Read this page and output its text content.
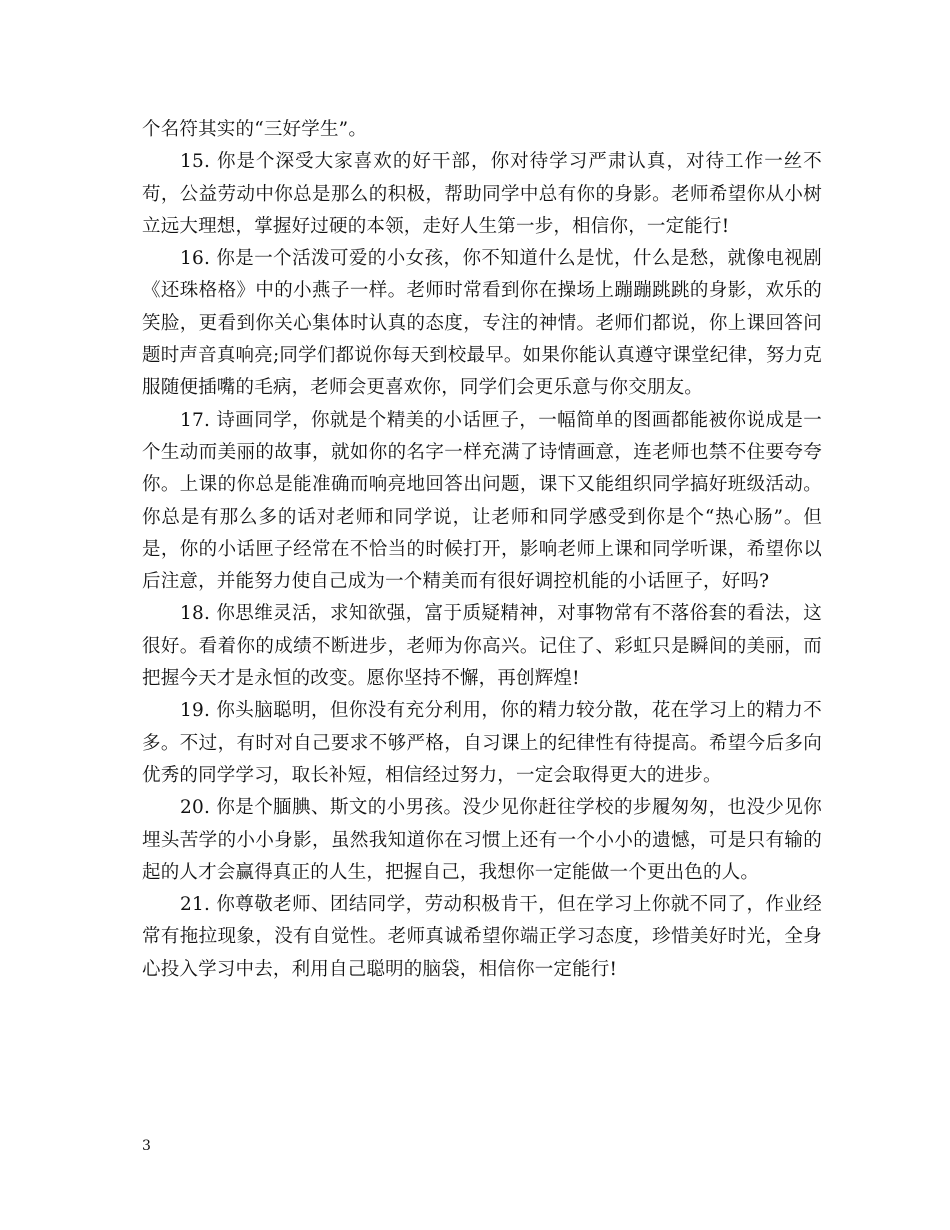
个名符其实的“三好学生”。

15. 你是个深受大家喜欢的好干部，你对待学习严肃认真，对待工作一丝不苟，公益劳动中你总是那么的积极，帮助同学中总有你的身影。老师希望你从小树立远大理想，掌握好过硬的本领，走好人生第一步，相信你，一定能行!

16. 你是一个活泼可爱的小女孩，你不知道什么是忧，什么是愁，就像电视剧《还珠格格》中的小燕子一样。老师时常看到你在操场上蹦蹦跳跳的身影，欢乐的笑脸，更看到你关心集体时认真的态度，专注的神情。老师们都说，你上课回答问题时声音真响亮;同学们都说你每天到校最早。如果你能认真遵守课堂纪律，努力克服随便插嘴的毛病，老师会更喜欢你，同学们会更乐意与你交朋友。

17. 诗画同学，你就是个精美的小话匣子，一幅简单的图画都能被你说成是一个生动而美丽的故事，就如你的名字一样充满了诗情画意，连老师也禁不住要夸夸你。上课的你总是能准确而响亮地回答出问题，课下又能组织同学搞好班级活动。你总是有那么多的话对老师和同学说，让老师和同学感受到你是个“热心肠”。但是，你的小话匣子经常在不恰当的时候打开，影响老师上课和同学听课，希望你以后注意，并能努力使自己成为一个精美而有很好调控机能的小话匣子，好吗?

18. 你思维灵活，求知欲强，富于质疑精神，对事物常有不落俗套的看法，这很好。看着你的成绩不断进步，老师为你高兴。记住了、彩虹只是瞬间的美丽，而把握今天才是永恒的改变。愿你坚持不懈，再创辉煌!

19. 你头脑聪明，但你没有充分利用，你的精力较分散，花在学习上的精力不多。不过，有时对自己要求不够严格，自习课上的纪律性有待提高。希望今后多向优秀的同学学习，取长补短，相信经过努力，一定会取得更大的进步。

20. 你是个腼腆、斯文的小男孩。没少见你赶往学校的步履匆匆，也没少见你埋头苦学的小小身影，虽然我知道你在习惯上还有一个小小的遗憾，可是只有输的起的人才会赢得真正的人生，把握自己，我想你一定能做一个更出色的人。

21. 你尊敬老师、团结同学，劳动积极肯干，但在学习上你就不同了，作业经常有拖拉现象，没有自觉性。老师真诚希望你端正学习态度，珍惜美好时光，全身心投入学习中去，利用自己聪明的脑袋，相信你一定能行!

3
